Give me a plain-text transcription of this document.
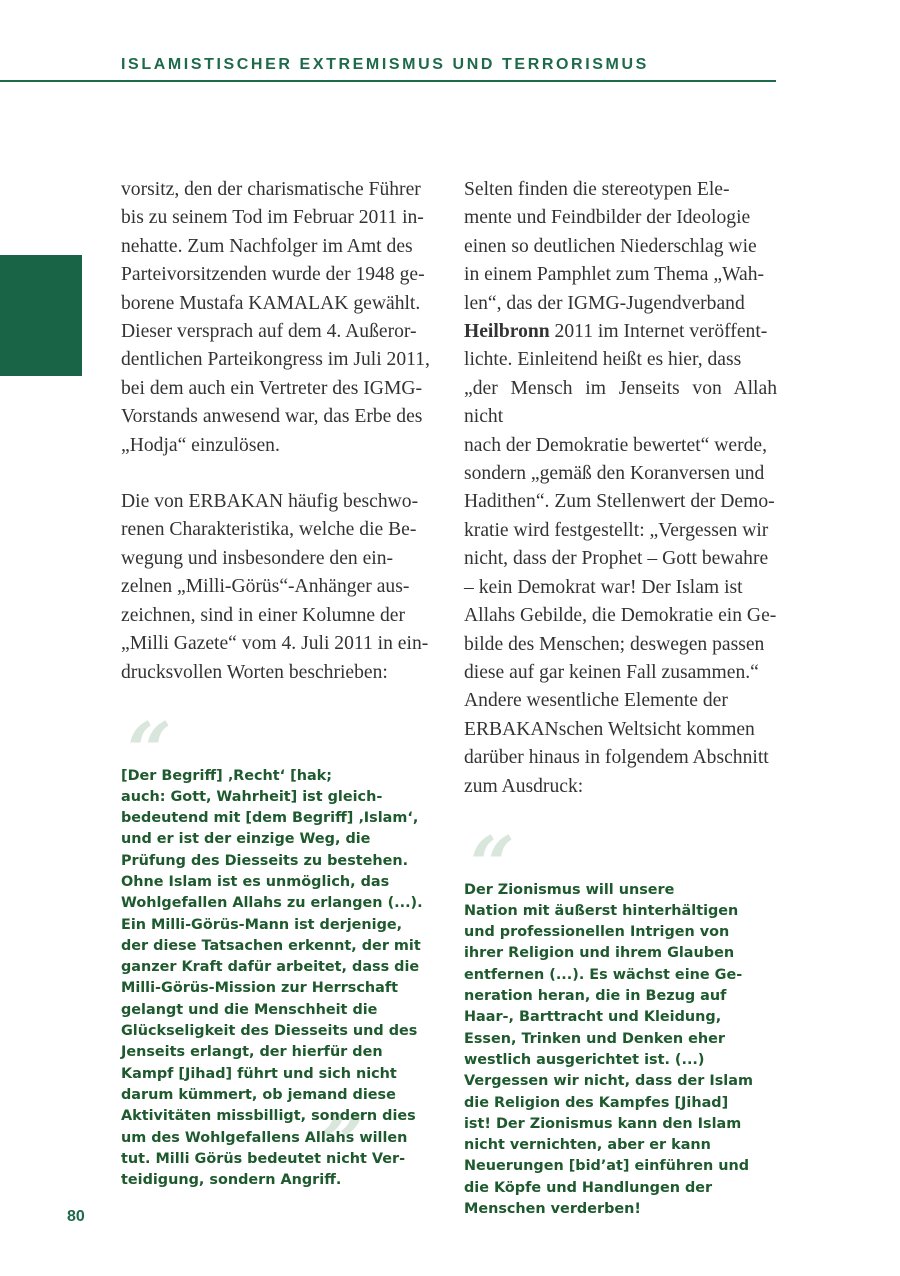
ISLAMISTISCHER EXTREMISMUS UND TERRORISMUS

vorsitz, den der charismatische Führer
bis zu seinem Tod im Februar 2011 in-
nehatte. Zum Nachfolger im Amt des
Parteivorsitzenden wurde der 1948 ge-
borene Mustafa KAMALAK gewählt.
Dieser versprach auf dem 4. Außeror-
dentlichen Parteikongress im Juli 2011,
bei dem auch ein Vertreter des IGMG-
Vorstands anwesend war, das Erbe des
„Hodja“ einzulösen.

Die von ERBAKAN häufig beschwo-
renen Charakteristika, welche die Be-
wegung und insbesondere den ein-
zelnen „Milli-Görüs“-Anhänger aus-
zeichnen, sind in einer Kolumne der
„Milli Gazete“ vom 4. Juli 2011 in ein-
drucksvollen Worten beschrieben:

“

[Der Begriff] ‚Recht‘ [hak;
auch: Gott, Wahrheit] ist gleich-
bedeutend mit [dem Begriff] ‚Islam‘,
und er ist der einzige Weg, die
Prüfung des Diesseits zu bestehen.
Ohne Islam ist es unmöglich, das
Wohlgefallen Allahs zu erlangen (...).
Ein Milli-Görüs-Mann ist derjenige,
der diese Tatsachen erkennt, der mit
ganzer Kraft dafür arbeitet, dass die
Milli-Görüs-Mission zur Herrschaft
gelangt und die Menschheit die
Glückseligkeit des Diesseits und des
Jenseits erlangt, der hierfür den
Kampf [Jihad] führt und sich nicht
darum kümmert, ob jemand diese
Aktivitäten missbilligt, sondern dies
um des Wohlgefallens Allahs willen
tut. Milli Görüs bedeutet nicht Ver-
teidigung, sondern Angriff.

”

Selten finden die stereotypen Ele-
mente und Feindbilder der Ideologie
einen so deutlichen Niederschlag wie
in einem Pamphlet zum Thema „Wah-
len“, das der IGMG-Jugendverband
Heilbronn 2011 im Internet veröffent-
lichte. Einleitend heißt es hier, dass
„der Mensch im Jenseits von Allah nicht
nach der Demokratie bewertet“ werde,
sondern „gemäß den Koranversen und
Hadithen“. Zum Stellenwert der Demo-
kratie wird festgestellt: „Vergessen wir
nicht, dass der Prophet – Gott bewahre
– kein Demokrat war! Der Islam ist
Allahs Gebilde, die Demokratie ein Ge-
bilde des Menschen; deswegen passen
diese auf gar keinen Fall zusammen.“
Andere wesentliche Elemente der
ERBAKANschen Weltsicht kommen
darüber hinaus in folgendem Abschnitt
zum Ausdruck:

“

Der Zionismus will unsere
Nation mit äußerst hinterhältigen
und professionellen Intrigen von
ihrer Religion und ihrem Glauben
entfernen (...). Es wächst eine Ge-
neration heran, die in Bezug auf
Haar-, Barttracht und Kleidung,
Essen, Trinken und Denken eher
westlich ausgerichtet ist. (...)
Vergessen wir nicht, dass der Islam
die Religion des Kampfes [Jihad]
ist! Der Zionismus kann den Islam
nicht vernichten, aber er kann
Neuerungen [bid’at] einführen und
die Köpfe und Handlungen der
Menschen verderben!

80
